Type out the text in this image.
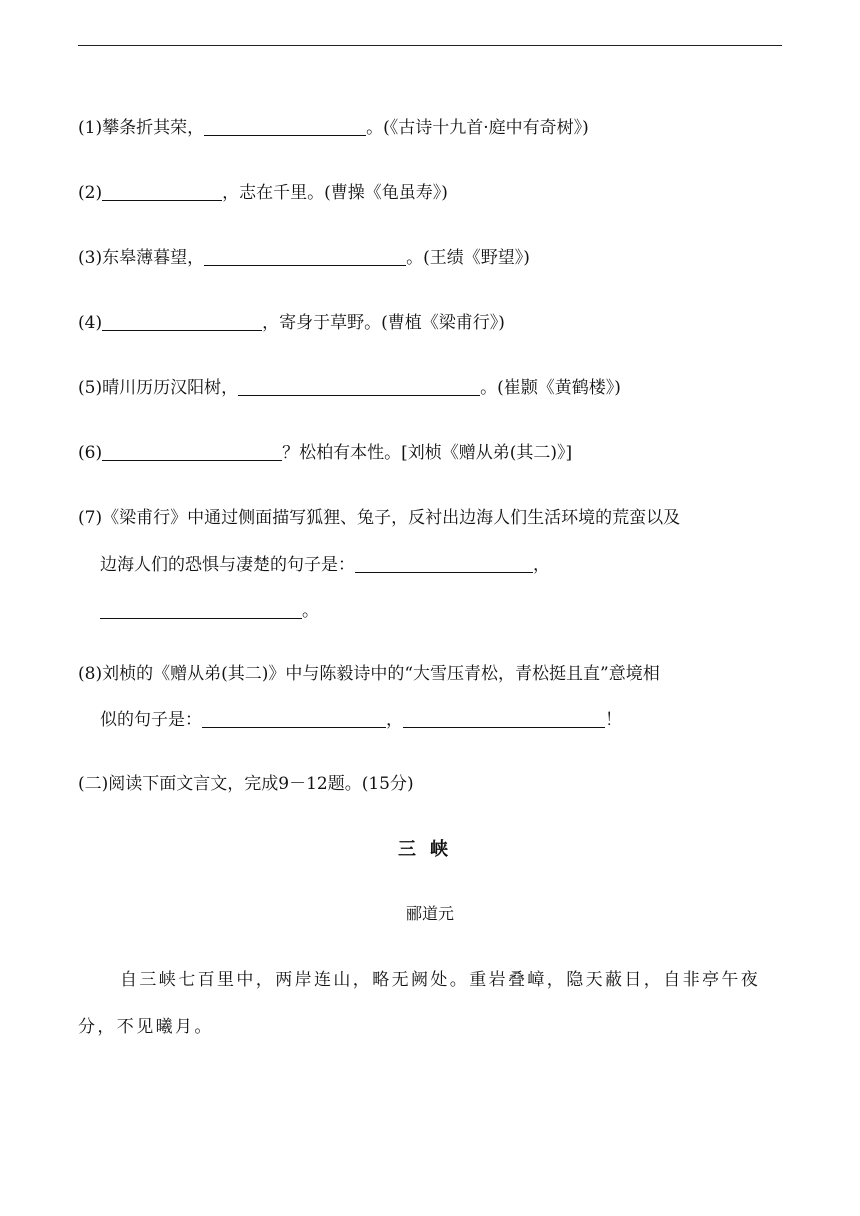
(1)攀条折其荣，	。(《古诗十九首·庭中有奇树》)
(2)	，志在千里。(曹操《龟虽寿》)
(3)东皋薄暮望，	。(王绩《野望》)
(4)	，寄身于草野。(曹植《梁甫行》)
(5)晴川历历汉阳树，	。(崔颢《黄鹤楼》)
(6)	？松柏有本性。[刘桢《赠从弟(其二)》]
(7)《梁甫行》中通过侧面描写狐狸、兔子，反衬出边海人们生活环境的荒蛮以及
边海人们的恐惧与凄楚的句子是：	，
。
(8)刘桢的《赠从弟(其二)》中与陈毅诗中的“大雪压青松，青松挺且直”意境相
似的句子是：	，	！
(二)阅读下面文言文，完成9－12题。(15分)
三峡
郦道元
自三峡七百里中，两岸连山，略无阙处。重岩叠嶂，隐天蔽日，自非亭午夜
分，不见曦月。
